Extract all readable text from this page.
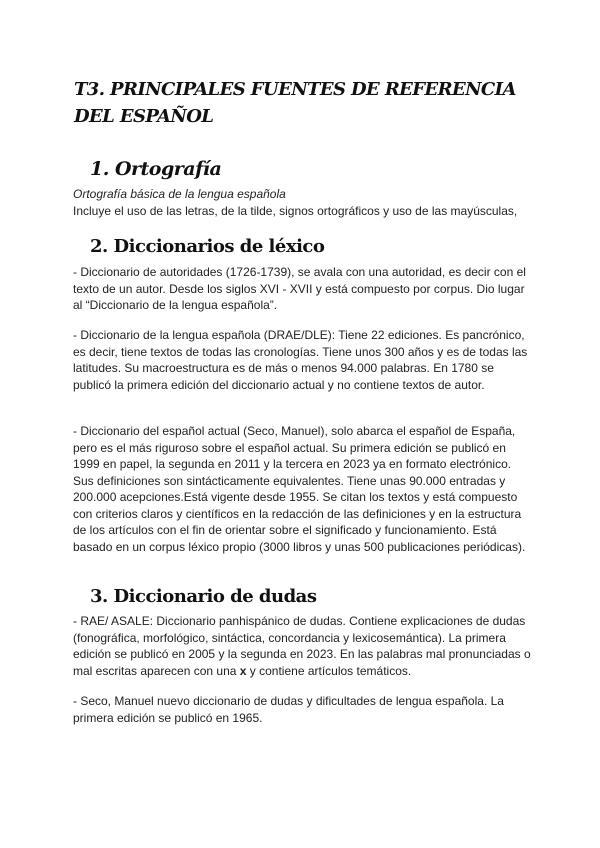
T3. PRINCIPALES FUENTES DE REFERENCIA DEL ESPAÑOL
1. Ortografía

Ortografía básica de la lengua española

Incluye el uso de las letras, de la tilde, signos ortográficos y uso de las mayúsculas,

2. Diccionarios de léxico

- Diccionario de autoridades (1726-1739), se avala con una autoridad, es decir con el texto de un autor. Desde los siglos XVI - XVII y está compuesto por corpus. Dio lugar al “Diccionario de la lengua española”.

- Diccionario de la lengua española (DRAE/DLE): Tiene 22 ediciones. Es pancrónico, es decir, tiene textos de todas las cronologías. Tiene unos 300 años y es de todas las latitudes. Su macroestructura es de más o menos 94.000 palabras. En 1780 se publicó la primera edición del diccionario actual y no contiene textos de autor.

- Diccionario del español actual (Seco, Manuel), solo abarca el español de España, pero es el más riguroso sobre el español actual. Su primera edición se publicó en 1999 en papel, la segunda en 2011 y la tercera en 2023 ya en formato electrónico. Sus definiciones son sintácticamente equivalentes. Tiene unas 90.000 entradas y 200.000 acepciones.Está vigente desde 1955. Se citan los textos y está compuesto con criterios claros y científicos en la redacción de las definiciones y en la estructura de los artículos con el fin de orientar sobre el significado y funcionamiento. Está basado en un corpus léxico propio (3000 libros y unas 500 publicaciones periódicas).

3. Diccionario de dudas

- RAE/ ASALE: Diccionario panhispánico de dudas. Contiene explicaciones de dudas (fonográfica, morfológico, sintáctica, concordancia y lexicosemántica). La primera edición se publicó en 2005 y la segunda en 2023. En las palabras mal pronunciadas o mal escritas aparecen con una x y contiene artículos temáticos.

- Seco, Manuel nuevo diccionario de dudas y dificultades de lengua española. La primera edición se publicó en 1965.
